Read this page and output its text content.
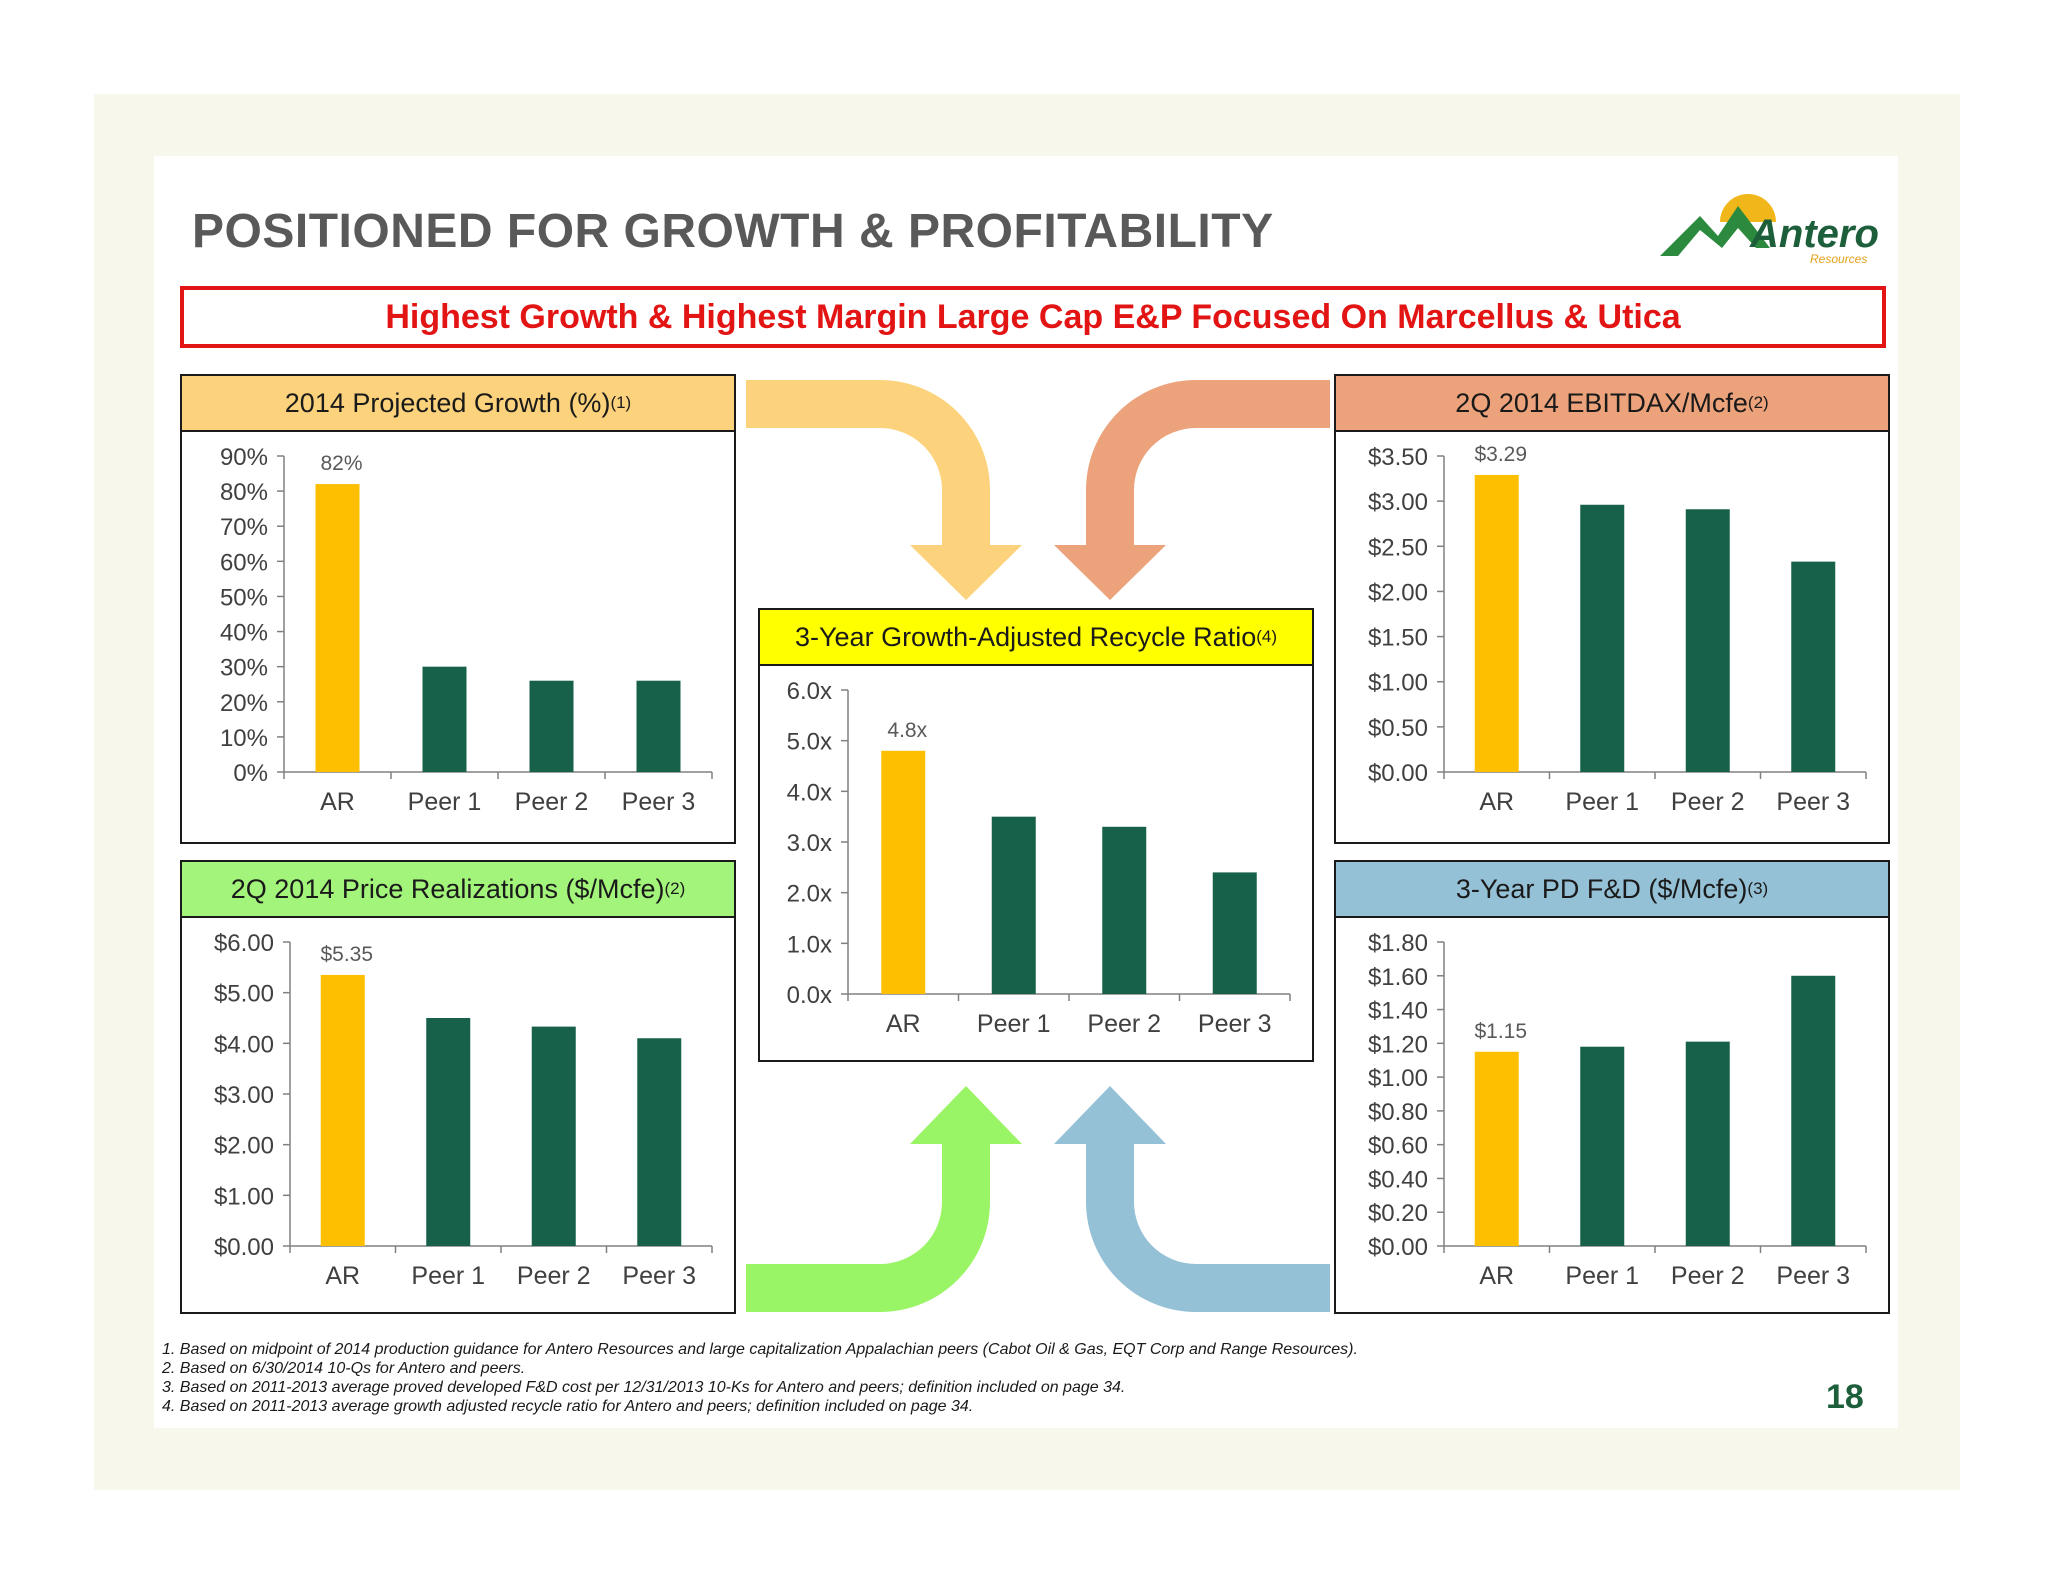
POSITIONED FOR GROWTH & PROFITABILITY	Antero
Resources
Highest Growth & Highest Margin Large Cap E&P Focused On Marcellus & Utica
2014 Projected Growth (%) (1)
0%
10%
20%
30%
40%
50%
60%
70%
80%
90%
AR
82%
Peer 1 Peer 2 Peer 3
2Q 2014 EBITDAX/Mcfe (2)
$0.00
$0.50
$1.00
$1.50
$2.00
$2.50
$3.00
$3.50
AR
$3.29
Peer 1 Peer 2 Peer 3
3-Year Growth-Adjusted Recycle Ratio (4)
0.0x
1.0x
2.0x
3.0x
4.0x
5.0x
6.0x
AR
4.8x
Peer 1 Peer 2 Peer 3
2Q 2014 Price Realizations ($/Mcfe) (2)
$0.00
$1.00
$2.00
$3.00
$4.00
$5.00
$6.00
AR
$5.35
Peer 1 Peer 2 Peer 3
3-Year PD F&D ($/Mcfe) (3)
$0.00
$0.20
$0.40
$0.60
$0.80
$1.00
$1.20
$1.40
$1.60
$1.80
AR
$1.15
Peer 1 Peer 2 Peer 3
1. Based on midpoint of 2014 production guidance for Antero Resources and large capitalization Appalachian peers (Cabot Oil & Gas, EQT Corp and Range Resources).
2. Based on 6/30/2014 10-Qs for Antero and peers.
3. Based on 2011-2013 average proved developed F&D cost per 12/31/2013 10-Ks for Antero and peers; definition included on page 34.
4. Based on 2011-2013 average growth adjusted recycle ratio for Antero and peers; definition included on page 34.	18
